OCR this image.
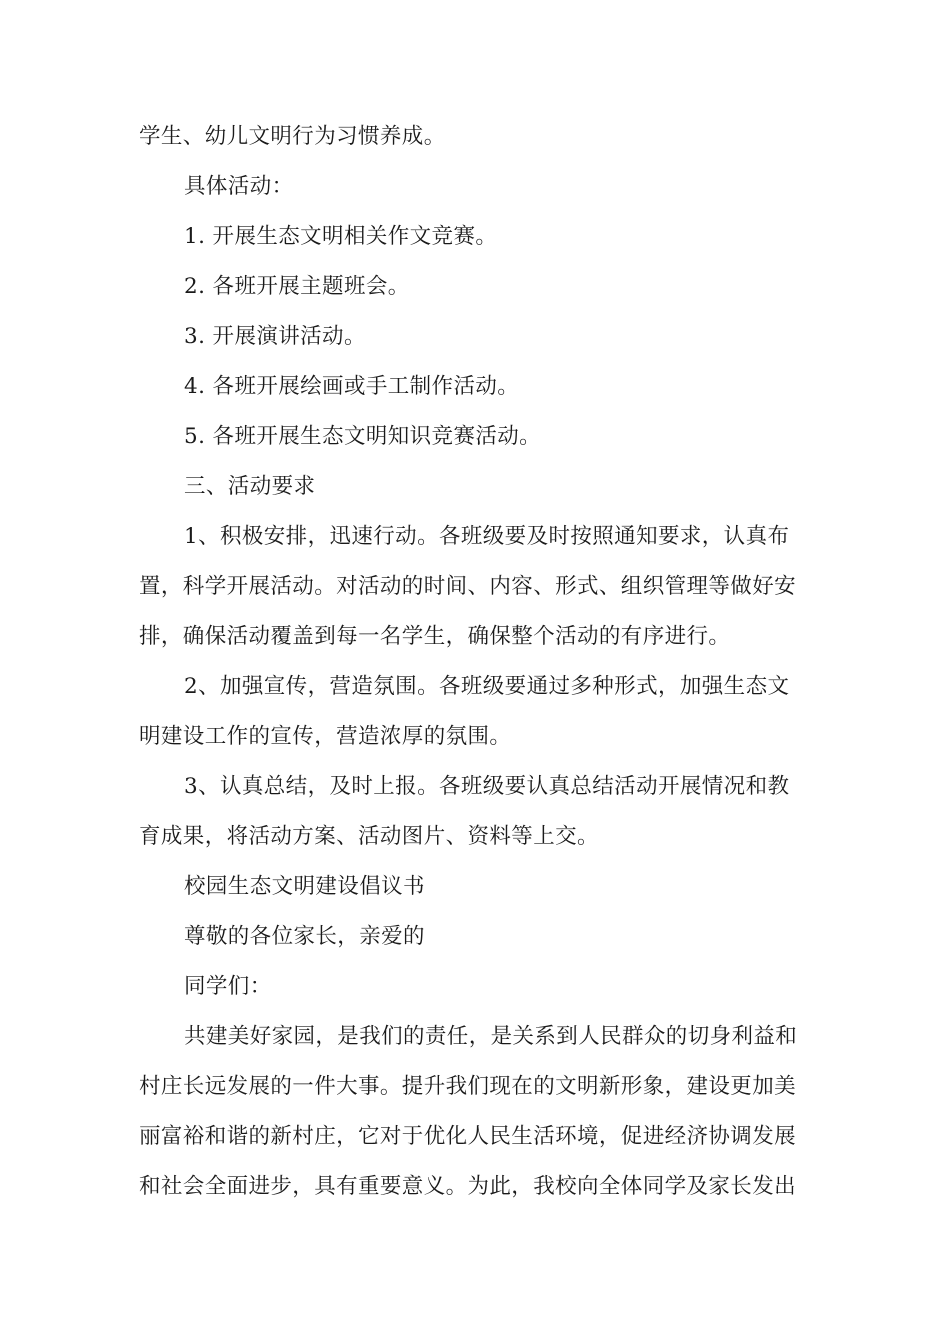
学生、幼儿文明行为习惯养成。
具体活动：
1. 开展生态文明相关作文竞赛。
2. 各班开展主题班会。
3. 开展演讲活动。
4. 各班开展绘画或手工制作活动。
5. 各班开展生态文明知识竞赛活动。
三、活动要求
1、积极安排，迅速行动。各班级要及时按照通知要求，认真布
置，科学开展活动。对活动的时间、内容、形式、组织管理等做好安
排，确保活动覆盖到每一名学生，确保整个活动的有序进行。
2、加强宣传，营造氛围。各班级要通过多种形式，加强生态文
明建设工作的宣传，营造浓厚的氛围。
3、认真总结，及时上报。各班级要认真总结活动开展情况和教
育成果，将活动方案、活动图片、资料等上交。
校园生态文明建设倡议书
尊敬的各位家长，亲爱的
同学们：
共建美好家园，是我们的责任，是关系到人民群众的切身利益和
村庄长远发展的一件大事。提升我们现在的文明新形象，建设更加美
丽富裕和谐的新村庄，它对于优化人民生活环境，促进经济协调发展
和社会全面进步，具有重要意义。为此，我校向全体同学及家长发出
